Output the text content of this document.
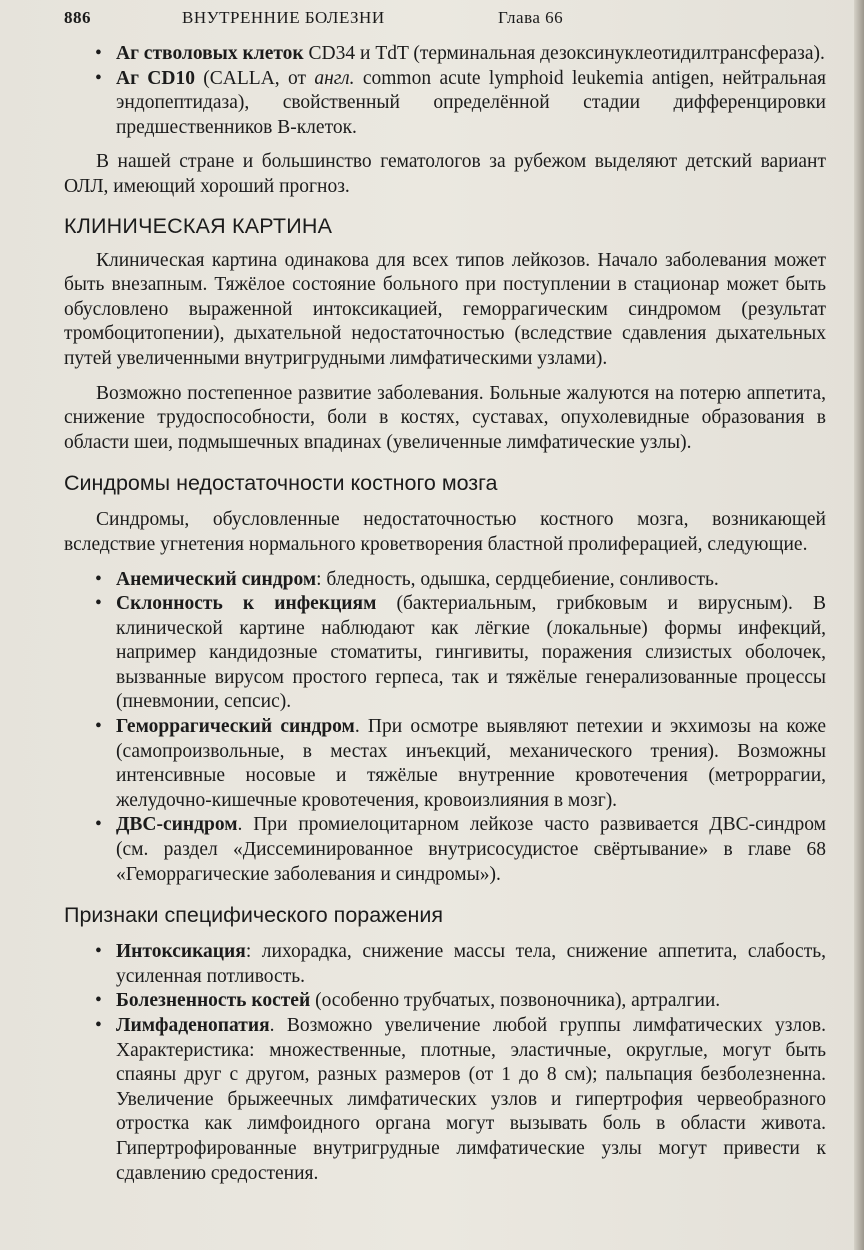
886	ВНУТРЕННИЕ БОЛЕЗНИ	Глава 66
• Аг стволовых клеток CD34 и TdT (терминальная дезоксинуклеотидилтрансфераза).
• Аг CD10 (CALLA, от англ. common acute lymphoid leukemia antigen, нейтральная эндопептидаза), свойственный определённой стадии дифференцировки предшественников В-клеток.

В нашей стране и большинство гематологов за рубежом выделяют детский вариант ОЛЛ, имеющий хороший прогноз.

КЛИНИЧЕСКАЯ КАРТИНА

Клиническая картина одинакова для всех типов лейкозов. Начало заболевания может быть внезапным. Тяжёлое состояние больного при поступлении в стационар может быть обусловлено выраженной интоксикацией, геморрагическим синдромом (результат тромбоцитопении), дыхательной недостаточностью (вследствие сдавления дыхательных путей увеличенными внутригрудными лимфатическими узлами).

Возможно постепенное развитие заболевания. Больные жалуются на потерю аппетита, снижение трудоспособности, боли в костях, суставах, опухолевидные образования в области шеи, подмышечных впадинах (увеличенные лимфатические узлы).

Синдромы недостаточности костного мозга

Синдромы, обусловленные недостаточностью костного мозга, возникающей вследствие угнетения нормального кроветворения бластной пролиферацией, следующие.

• Анемический синдром: бледность, одышка, сердцебиение, сонливость.
• Склонность к инфекциям (бактериальным, грибковым и вирусным). В клинической картине наблюдают как лёгкие (локальные) формы инфекций, например кандидозные стоматиты, гингивиты, поражения слизистых оболочек, вызванные вирусом простого герпеса, так и тяжёлые генерализованные процессы (пневмонии, сепсис).
• Геморрагический синдром. При осмотре выявляют петехии и экхимозы на коже (самопроизвольные, в местах инъекций, механического трения). Возможны интенсивные носовые и тяжёлые внутренние кровотечения (метроррагии, желудочно-кишечные кровотечения, кровоизлияния в мозг).
• ДВС-синдром. При промиелоцитарном лейкозе часто развивается ДВС-синдром (см. раздел «Диссеминированное внутрисосудистое свёртывание» в главе 68 «Геморрагические заболевания и синдромы»).
Признаки специфического поражения
• Интоксикация: лихорадка, снижение массы тела, снижение аппетита, слабость, усиленная потливость.
• Болезненность костей (особенно трубчатых, позвоночника), артралгии.
• Лимфаденопатия. Возможно увеличение любой группы лимфатических узлов. Характеристика: множественные, плотные, эластичные, округлые, могут быть спаяны друг с другом, разных размеров (от 1 до 8 см); пальпация безболезненна. Увеличение брыжеечных лимфатических узлов и гипертрофия червеобразного отростка как лимфоидного органа могут вызывать боль в области живота. Гипертрофированные внутригрудные лимфатические узлы могут привести к сдавлению средостения.
